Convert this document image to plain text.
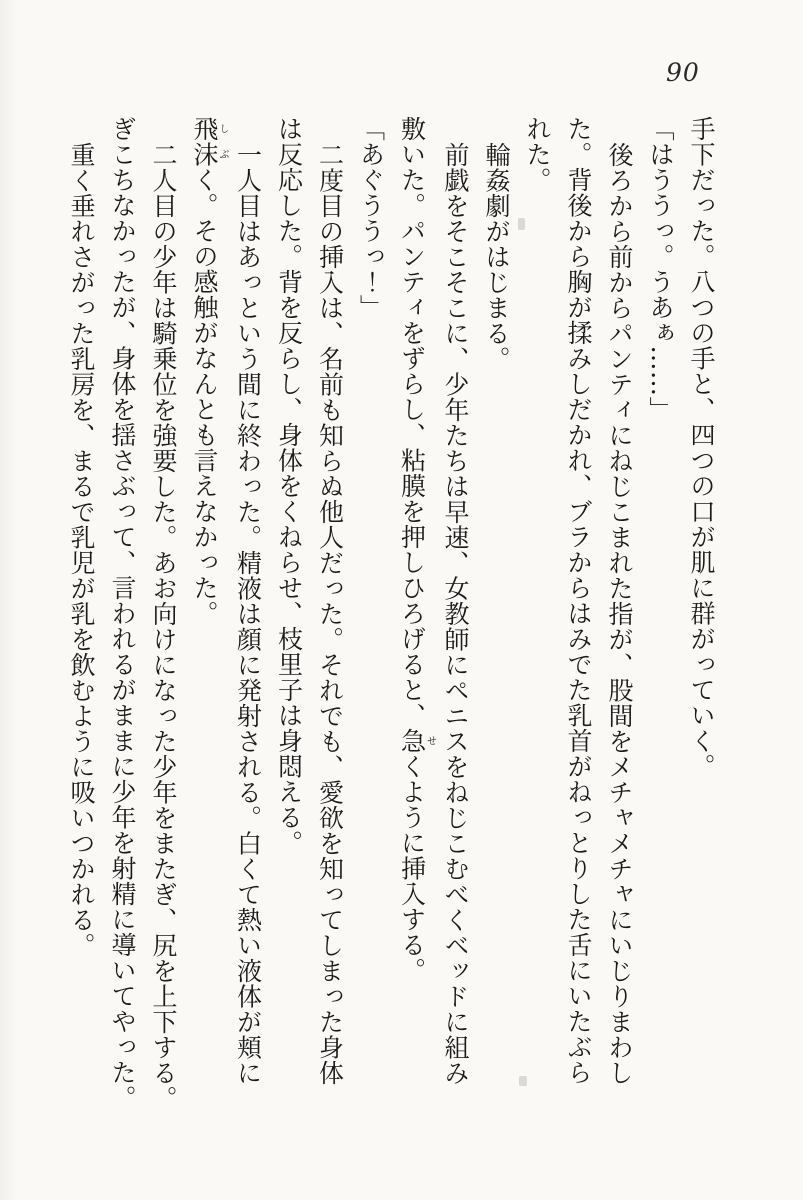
90

手下だった。八つの手と、四つの口が肌に群がっていく。

「はううっ。うあぁ……」

後ろから前からパンティにねじこまれた指が、股間をメチャメチャにいじりまわし

た。背後から胸が揉みしだかれ、ブラからはみでた乳首がねっとりした舌にいたぶら

れた。

輪姦劇がはじまる。

前戯をそこそこに、少年たちは早速、女教師にペニスをねじこむべくベッドに組み

敷いた。パンティをずらし、粘膜を押しひろげると、急せくように挿入する。

「あぐううっ！」

二度目の挿入は、名前も知らぬ他人だった。それでも、愛欲を知ってしまった身体

は反応した。背を反らし、身体をくねらせ、枝里子は身悶える。

一人目はあっという間に終わった。精液は顔に発射される。白くて熱い液体が頬に

飛沫しぶく。その感触がなんとも言えなかった。

二人目の少年は騎乗位を強要した。あお向けになった少年をまたぎ、尻を上下する。

ぎこちなかったが、身体を揺さぶって、言われるがままに少年を射精に導いてやった。

重く垂れさがった乳房を、まるで乳児が乳を飲むように吸いつかれる。
